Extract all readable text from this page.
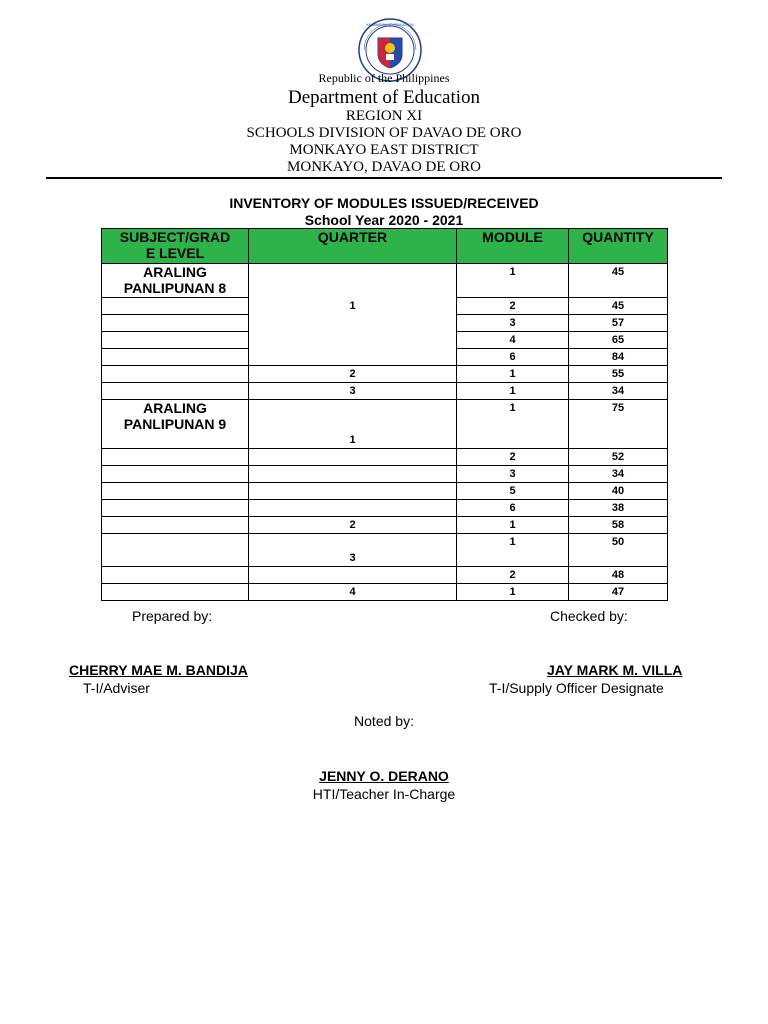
KAGAWARAN NG EDUKASYON
Republic of the Philippines
Department of Education
REGION XI
SCHOOLS DIVISION OF DAVAO DE ORO
MONKAYO EAST DISTRICT
MONKAYO, DAVAO DE ORO
INVENTORY OF MODULES ISSUED/RECEIVED
School Year 2020 - 2021
SUBJECT/GRAD
E LEVEL	QUARTER	MODULE	QUANTITY
ARALING
PANLIPUNAN 8	1	1	45
		2	45
		3	57
		4	65
		6	84
	2	1	55
	3	1	34
ARALING
PANLIPUNAN 9	1	1	75
		2	52
		3	34
		5	40
		6	38
	2	1	58
	3	1	50
		2	48
	4	1	47
Prepared by:	Checked by:
CHERRY MAE M. BANDIJA
T-I/Adviser
JAY MARK M. VILLA
T-I/Supply Officer Designate
Noted by:
JENNY O. DERANO
HTI/Teacher In-Charge
